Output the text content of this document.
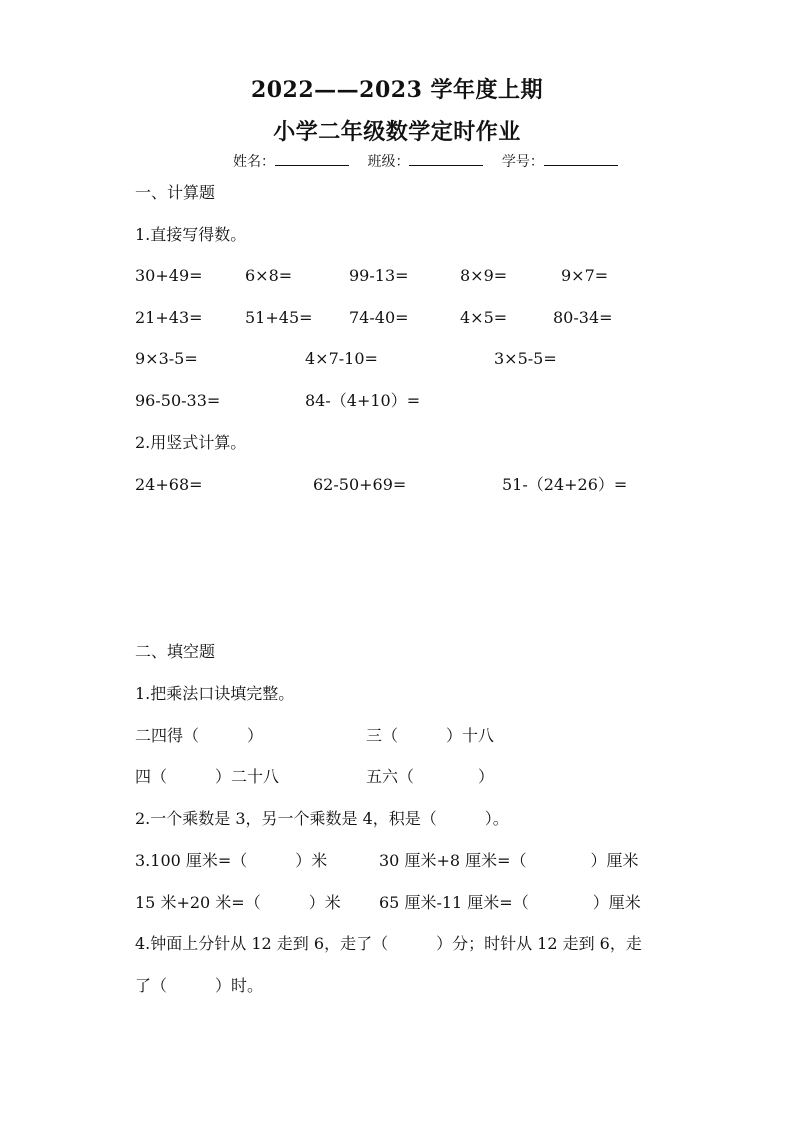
2022——2023 学年度上期
小学二年级数学定时作业
姓名：	班级：	学号：
一、计算题
1.直接写得数。
30+49=	6×8=	99-13=	8×9=	9×7=
21+43=	51+45= 74-40=	4×5=	80-34=
9×3-5=	4×7-10=	3×5-5=
96-50-33=	84-（4+10）=
2.用竖式计算。
24+68=	62-50+69=	51-（24+26）=
二、填空题
1.把乘法口诀填完整。
二四得（　　　）	三（　　　）十八
四（　　　）二十八	五六（　　　　）
2.一个乘数是 3，另一个乘数是 4，积是（　　　）。
3.100 厘米=（　　　）米	30 厘米+8 厘米=（　　　　）厘米
15 米+20 米=（　　　）米 65 厘米-11 厘米=（　　　　）厘米
4.钟面上分针从 12 走到 6，走了（　　　）分；时针从 12 走到 6，走
了（　　　）时。
